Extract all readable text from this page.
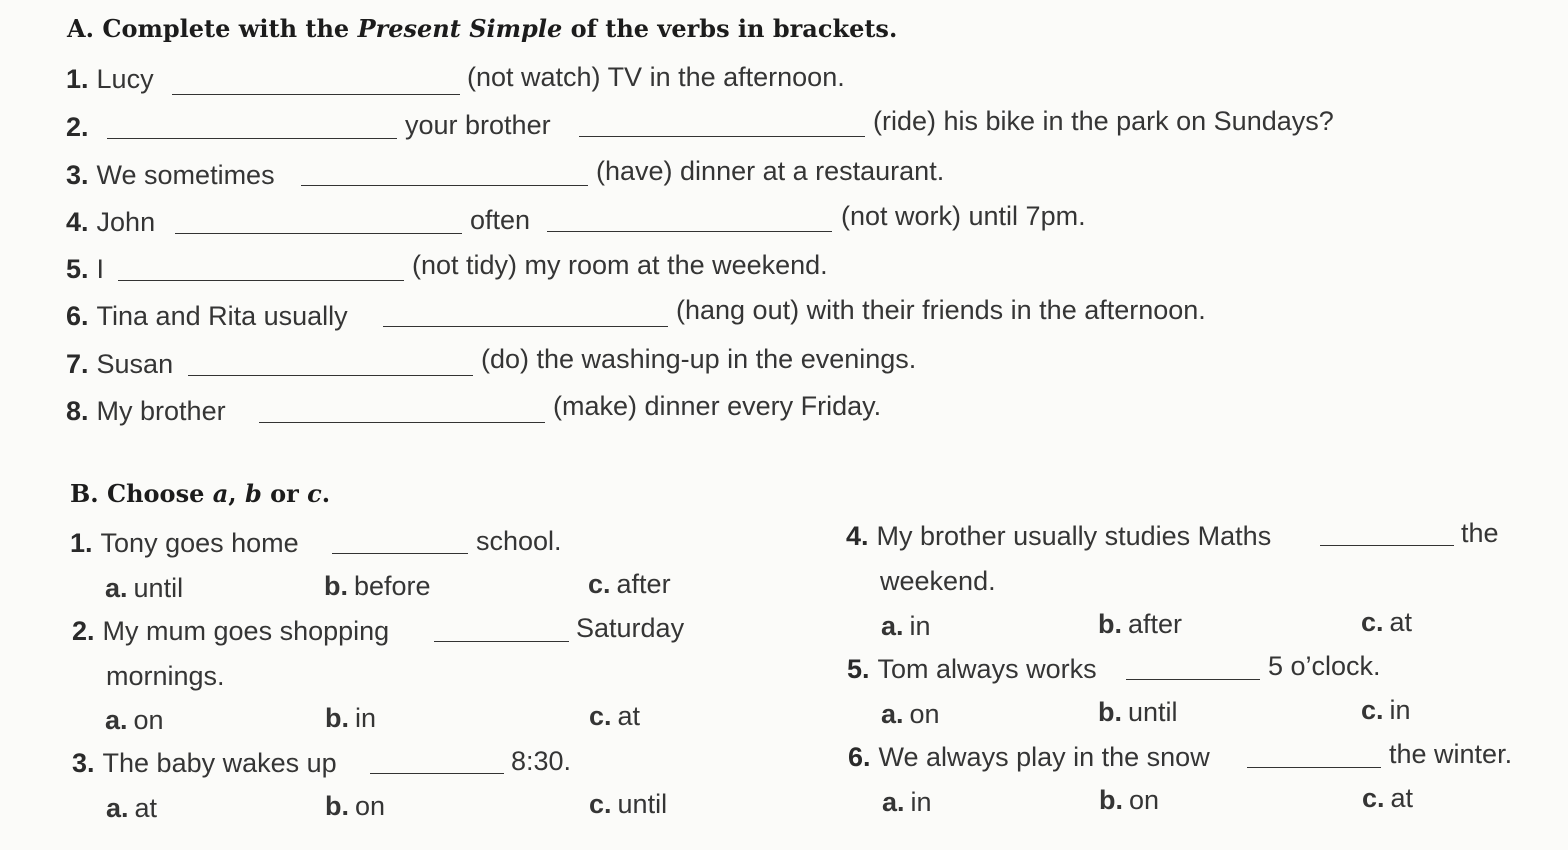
A. Complete with the Present Simple of the verbs in brackets.
1. Lucy	(not watch) TV in the afternoon.
2.	your brother	(ride) his bike in the park on Sundays?
3. We sometimes	(have) dinner at a restaurant.
4. John	often	(not work) until 7pm.
5. I	(not tidy) my room at the weekend.
6. Tina and Rita usually	(hang out) with their friends in the afternoon.
7. Susan	(do) the washing-up in the evenings.
8. My brother	(make) dinner every Friday.
B. Choose a, b or c.
1. Tony goes home	school.
a. until	b. before	c. after
2. My mum goes shopping	Saturday
mornings.
a. on	b. in	c. at
3. The baby wakes up	8:30.
a. at	b. on	c. until
4. My brother usually studies Maths	the
weekend.
a. in	b. after	c. at
5. Tom always works	5 o’clock.
a. on	b. until	c. in
6. We always play in the snow	the winter.
a. in	b. on	c. at
